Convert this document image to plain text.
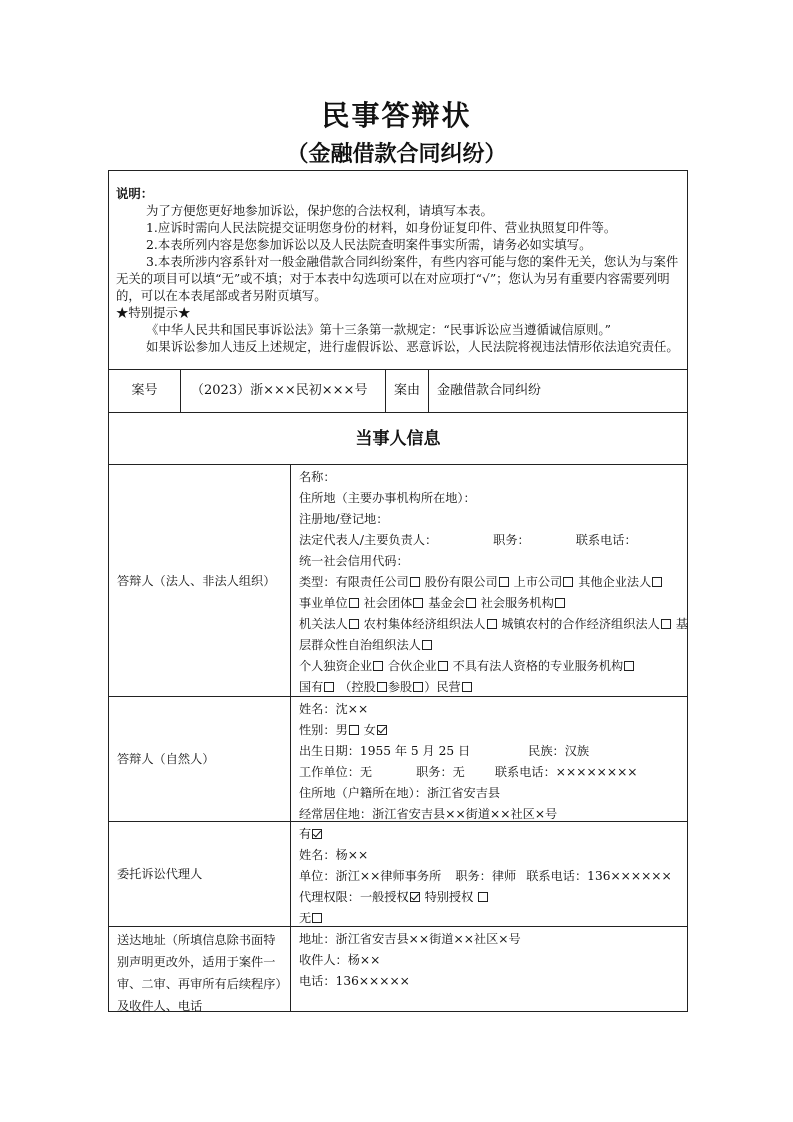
民事答辩状
（金融借款合同纠纷）
说明：
为了方便您更好地参加诉讼，保护您的合法权利，请填写本表。
1.应诉时需向人民法院提交证明您身份的材料，如身份证复印件、营业执照复印件等。
2.本表所列内容是您参加诉讼以及人民法院查明案件事实所需，请务必如实填写。
3.本表所涉内容系针对一般金融借款合同纠纷案件，有些内容可能与您的案件无关，您认为与案件无关的项目可以填“无”或不填；对于本表中勾选项可以在对应项打“√”；您认为另有重要内容需要列明的，可以在本表尾部或者另附页填写。
★特别提示★
《中华人民共和国民事诉讼法》第十三条第一款规定：“民事诉讼应当遵循诚信原则。”
如果诉讼参加人违反上述规定，进行虚假诉讼、恶意诉讼，人民法院将视违法情形依法追究责任。
案号	（2023）浙×××民初×××号	案由	金融借款合同纠纷
当事人信息
答辩人（法人、非法人组织）
名称：
住所地（主要办事机构所在地）：
注册地/登记地：
法定代表人/主要负责人：	职务：	联系电话：
统一社会信用代码：
类型：有限责任公司 股份有限公司 上市公司 其他企业法人
事业单位 社会团体 基金会 社会服务机构
机关法人 农村集体经济组织法人 城镇农村的合作经济组织法人 基
层群众性自治组织法人
个人独资企业 合伙企业 不具有法人资格的专业服务机构
国有 （控股 参股 ）民营
答辩人（自然人）
姓名：沈××
性别：男 女
出生日期：1955 年 5 月 25 日	民族：汉族
工作单位：无	职务：无 联系电话：××××××××
住所地（户籍所在地）：浙江省安吉县
经常居住地：浙江省安吉县××街道××社区×号
委托诉讼代理人
有
姓名：杨××
单位：浙江××律师事务所 职务：律师 联系电话：136××××××
代理权限：一般授权 特别授权
无
送达地址（所填信息除书面特别声明更改外，适用于案件一审、二审、再审所有后续程序）及收件人、电话
地址：浙江省安吉县××街道××社区×号
收件人：杨××
电话：136×××××
